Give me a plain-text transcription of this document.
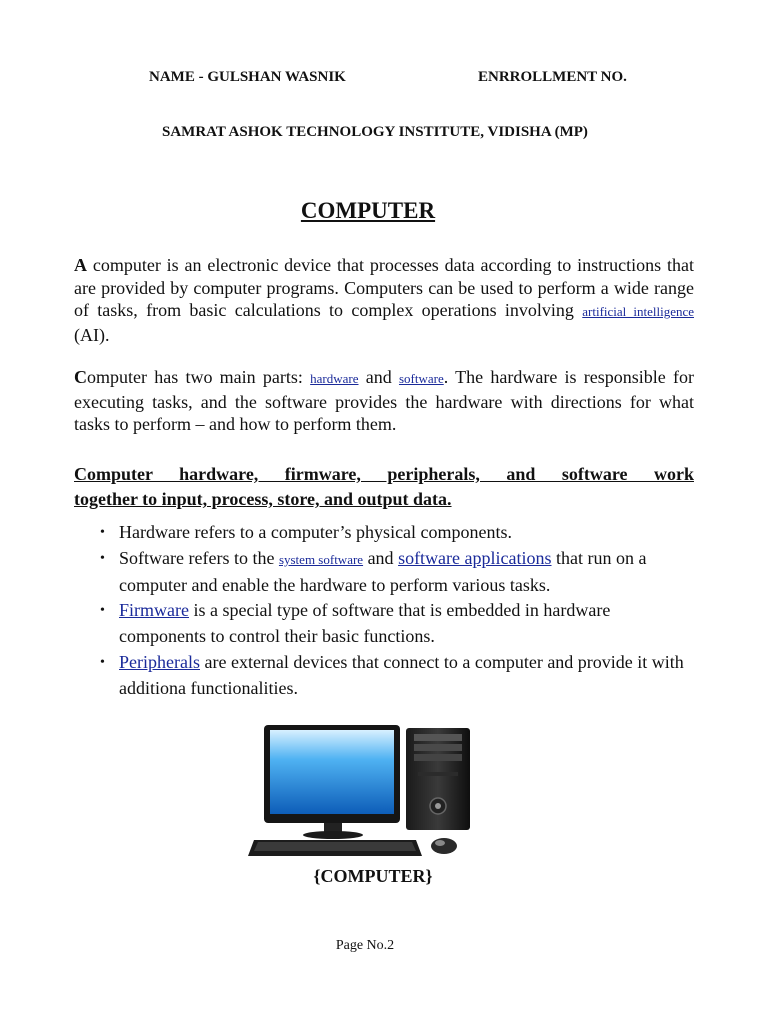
NAME - GULSHAN WASNIK	ENRROLLMENT NO.
SAMRAT ASHOK TECHNOLOGY INSTITUTE, VIDISHA (MP)
COMPUTER

A computer is an electronic device that processes data according to instructions that are provided by computer programs. Computers can be used to perform a wide range of tasks, from basic calculations to complex operations involving artificial intelligence (AI).

Computer has two main parts: hardware and software. The hardware is responsible for executing tasks, and the software provides the hardware with directions for what tasks to perform – and how to perform them.

Computer hardware, firmware, peripherals, and software work
together to input, process, store, and output data.
• Hardware refers to a computer’s physical components.
• Software refers to the system software and software applications that run on a computer and enable the hardware to perform various tasks.
• Firmware is a special type of software that is embedded in hardware components to control their basic functions.
• Peripherals are external devices that connect to a computer and provide it with additiona functionalities.
{COMPUTER}
Page No.2
